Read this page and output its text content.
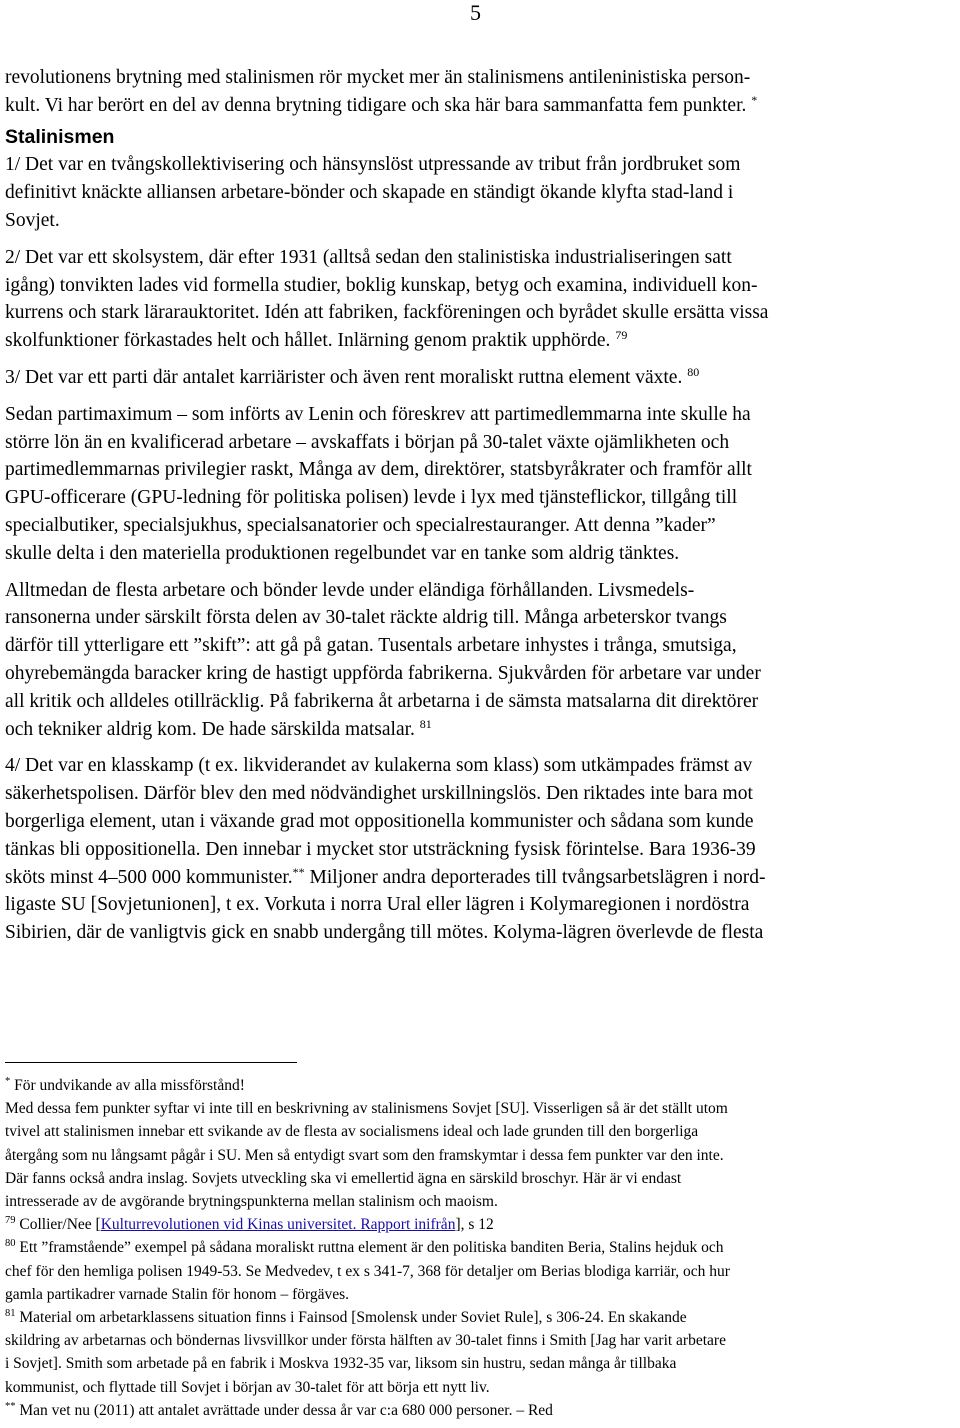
5

revolutionens brytning med stalinismen rör mycket mer än stalinismens antileninistiska person-
kult. Vi har berört en del av denna brytning tidigare och ska här bara sammanfatta fem punkter. *

Stalinismen

1/ Det var en tvångskollektivisering och hänsynslöst utpressande av tribut från jordbruket som
definitivt knäckte alliansen arbetare-bönder och skapade en ständigt ökande klyfta stad-land i
Sovjet.

2/ Det var ett skolsystem, där efter 1931 (alltså sedan den stalinistiska industrialiseringen satt
igång) tonvikten lades vid formella studier, boklig kunskap, betyg och examina, individuell kon-
kurrens och stark lärarauktoritet. Idén att fabriken, fackföreningen och byrådet skulle ersätta vissa
skolfunktioner förkastades helt och hållet. Inlärning genom praktik upphörde. $^{79}$

3/ Det var ett parti där antalet karriärister och även rent moraliskt ruttna element växte. $^{80}$

Sedan partimaximum – som införts av Lenin och föreskrev att partimedlemmarna inte skulle ha
större lön än en kvalificerad arbetare – avskaffats i början på 30-talet växte ojämlikheten och
partimedlemmarnas privilegier raskt, Många av dem, direktörer, statsbyråkrater och framför allt
GPU-officerare (GPU-ledning för politiska polisen) levde i lyx med tjänsteflickor, tillgång till
specialbutiker, specialsjukhus, specialsanatorier och specialrestauranger. Att denna ”kader”
skulle delta i den materiella produktionen regelbundet var en tanke som aldrig tänktes.

Alltmedan de flesta arbetare och bönder levde under eländiga förhållanden. Livsmedels-
ransonerna under särskilt första delen av 30-talet räckte aldrig till. Många arbeterskor tvangs
därför till ytterligare ett ”skift”: att gå på gatan. Tusentals arbetare inhystes i trånga, smutsiga,
ohyrebemängda baracker kring de hastigt uppförda fabrikerna. Sjukvården för arbetare var under
all kritik och alldeles otillräcklig. På fabrikerna åt arbetarna i de sämsta matsalarna dit direktörer
och tekniker aldrig kom. De hade särskilda matsalar. $^{81}$

4/ Det var en klasskamp (t ex. likviderandet av kulakerna som klass) som utkämpades främst av
säkerhetspolisen. Därför blev den med nödvändighet urskillningslös. Den riktades inte bara mot
borgerliga element, utan i växande grad mot oppositionella kommunister och sådana som kunde
tänkas bli oppositionella. Den innebar i mycket stor utsträckning fysisk förintelse. Bara 1936-39
sköts minst 4–500 000 kommunister.** Miljoner andra deporterades till tvångsarbetslägren i nord-
ligaste SU [Sovjetunionen], t ex. Vorkuta i norra Ural eller lägren i Kolymaregionen i nordöstra
Sibirien, där de vanligtvis gick en snabb undergång till mötes. Kolyma-lägren överlevde de flesta

* För undvikande av alla missförstånd!
Med dessa fem punkter syftar vi inte till en beskrivning av stalinismens Sovjet [SU]. Visserligen så är det ställt utom
tvivel att stalinismen innebar ett svikande av de flesta av socialismens ideal och lade grunden till den borgerliga
återgång som nu långsamt pågår i SU. Men så entydigt svart som den framskymtar i dessa fem punkter var den inte.
Där fanns också andra inslag. Sovjets utveckling ska vi emellertid ägna en särskild broschyr. Här är vi endast
intresserade av de avgörande brytningspunkterna mellan stalinism och maoism.

$^{79}$ Collier/Nee [Kulturrevolutionen vid Kinas universitet. Rapport inifrån], s 12

$^{80}$ Ett ”framstående” exempel på sådana moraliskt ruttna element är den politiska banditen Beria, Stalins hejduk och
chef för den hemliga polisen 1949-53. Se Medvedev, t ex s 341-7, 368 för detaljer om Berias blodiga karriär, och hur
gamla partikadrer varnade Stalin för honom – förgäves.

$^{81}$ Material om arbetarklassens situation finns i Fainsod [Smolensk under Soviet Rule], s 306-24. En skakande
skildring av arbetarnas och böndernas livsvillkor under första hälften av 30-talet finns i Smith [Jag har varit arbetare
i Sovjet]. Smith som arbetade på en fabrik i Moskva 1932-35 var, liksom sin hustru, sedan många år tillbaka
kommunist, och flyttade till Sovjet i början av 30-talet för att börja ett nytt liv.

** Man vet nu (2011) att antalet avrättade under dessa år var c:a 680 000 personer. – Red
